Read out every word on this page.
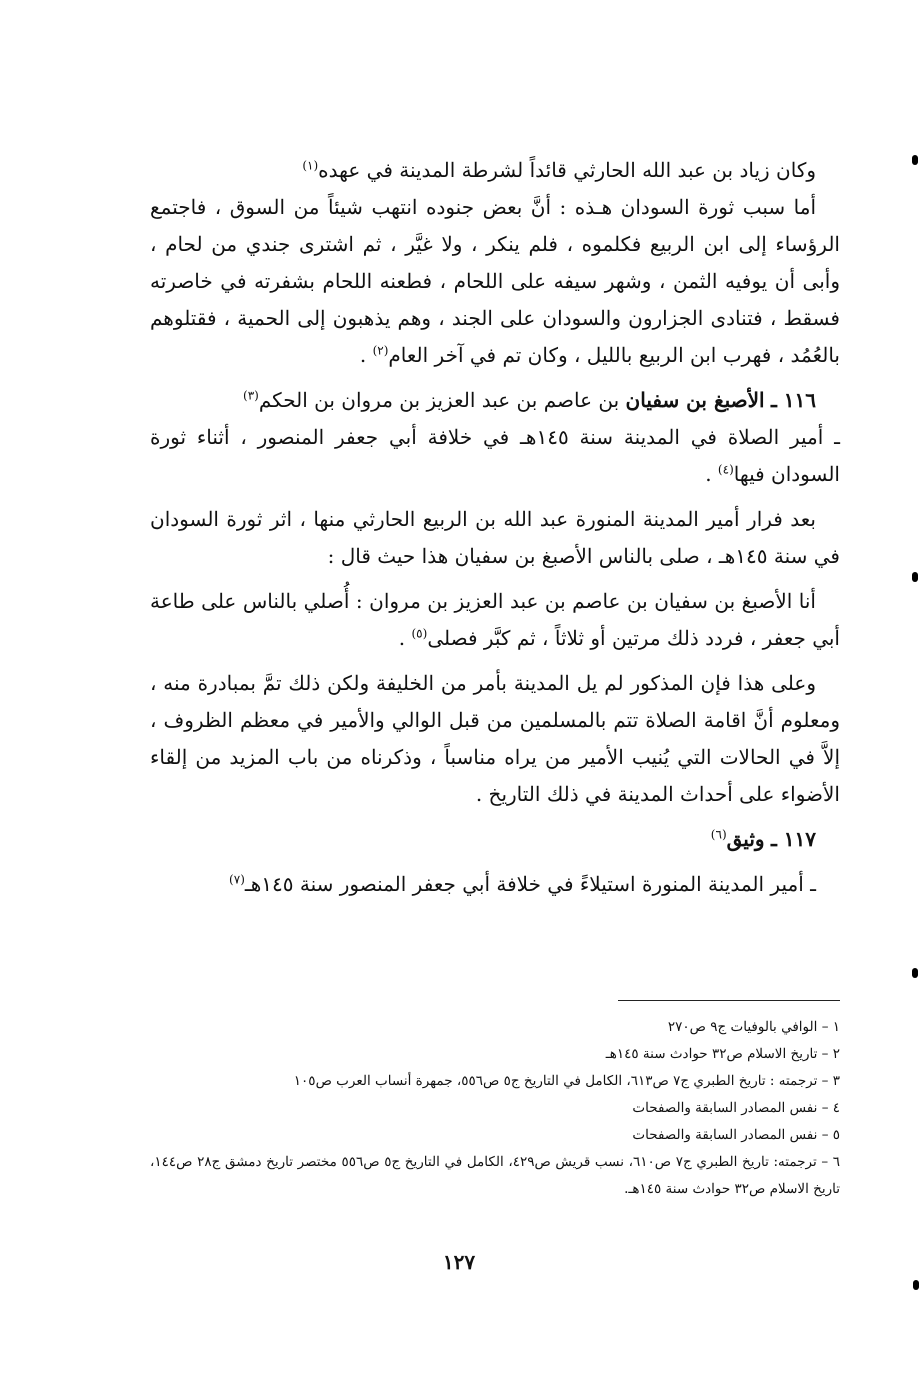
وكان زياد بن عبد الله الحارثي قائداً لشرطة المدينة في عهده$^{(١)}$

أما سبب ثورة السودان هـذه : أنَّ بعض جنوده انتهب شيئاً من السوق ، فاجتمع الرؤساء إلى ابن الربيع فكلموه ، فلم ينكر ، ولا غيَّر ، ثم اشترى جندي من لحام ، وأبى أن يوفيه الثمن ، وشهر سيفه على اللحام ، فطعنه اللحام بشفرته في خاصرته فسقط ، فتنادى الجزارون والسودان على الجند ، وهم يذهبون إلى الحمية ، فقتلوهم بالعُمُد ، فهرب ابن الربيع بالليل ، وكان تم في آخر العام$^{(٢)}$ .

١١٦ ـ الأصبغ بن سفيان بن عاصم بن عبد العزيز بن مروان بن الحكم$^{(٣)}$

ـ أمير الصلاة في المدينة سنة ١٤٥هـ في خلافة أبي جعفر المنصور ، أثناء ثورة السودان فيها$^{(٤)}$ .

بعد فرار أمير المدينة المنورة عبد الله بن الربيع الحارثي منها ، اثر ثورة السودان في سنة ١٤٥هـ ، صلى بالناس الأصبغ بن سفيان هذا حيث قال :

أنا الأصبغ بن سفيان بن عاصم بن عبد العزيز بن مروان : أُصلي بالناس على طاعة أبي جعفر ، فردد ذلك مرتين أو ثلاثاً ، ثم كبَّر فصلى$^{(٥)}$ .

وعلى هذا فإن المذكور لم يل المدينة بأمر من الخليفة ولكن ذلك تمَّ بمبادرة منه ، ومعلوم أنَّ اقامة الصلاة تتم بالمسلمين من قبل الوالي والأمير في معظم الظروف ، إلاَّ في الحالات التي يُنيب الأمير من يراه مناسباً ، وذكرناه من باب المزيد من إلقاء الأضواء على أحداث المدينة في ذلك التاريخ .

١١٧ ـ وثيق$^{(٦)}$

ـ أمير المدينة المنورة استيلاءً في خلافة أبي جعفر المنصور سنة ١٤٥هـ$^{(٧)}$

١ – الوافي بالوفيات ج٩ ص٢٧٠

٢ – تاريخ الاسلام ص٣٢ حوادث سنة ١٤٥هـ

٣ – ترجمته : تاريخ الطبري ج٧ ص٦١٣، الكامل في التاريخ ج٥ ص٥٥٦، جمهرة أنساب العرب ص١٠٥

٤ – نفس المصادر السابقة والصفحات

٥ – نفس المصادر السابقة والصفحات

٦ – ترجمته: تاريخ الطبري ج٧ ص٦١٠، نسب قريش ص٤٢٩، الكامل في التاريخ ج٥ ص٥٥٦ مختصر تاريخ دمشق ج٢٨ ص١٤٤، تاريخ الاسلام ص٣٢ حوادث سنة ١٤٥هـ.

١٢٧
